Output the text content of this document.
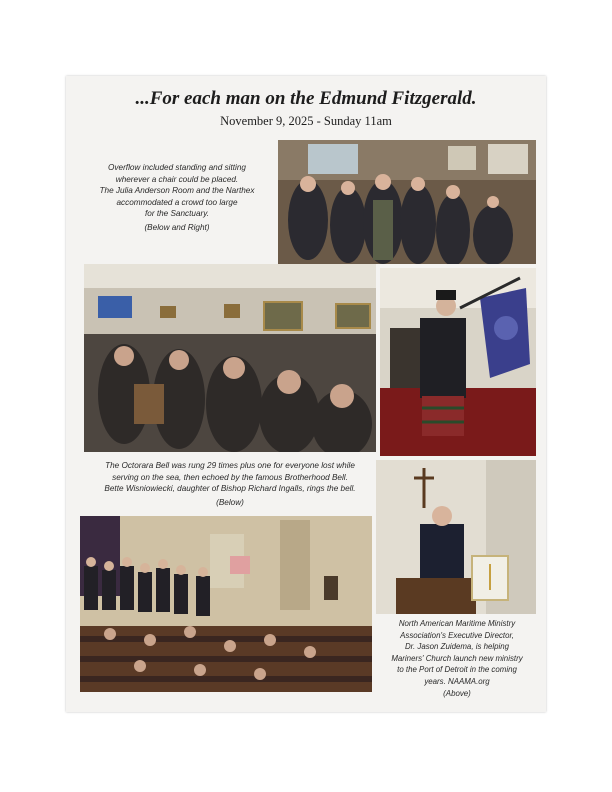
...For each man on the Edmund Fitzgerald.
November 9, 2025 - Sunday 11am
Overflow included standing and sitting
wherever a chair could be placed.
The Julia Anderson Room and the Narthex
accommodated a crowd too large
for the Sanctuary.
(Below and Right)
The Octorara Bell was rung 29 times plus one for everyone lost while
serving on the sea, then echoed by the famous Brotherhood Bell.
Bette Wisniowiecki, daughter of Bishop Richard Ingalls, rings the bell.
(Below)
North American Maritime Ministry
Association's Executive Director,
Dr. Jason Zuidema, is helping
Mariners' Church launch new ministry
to the Port of Detroit in the coming
years. NAAMA.org
(Above)
